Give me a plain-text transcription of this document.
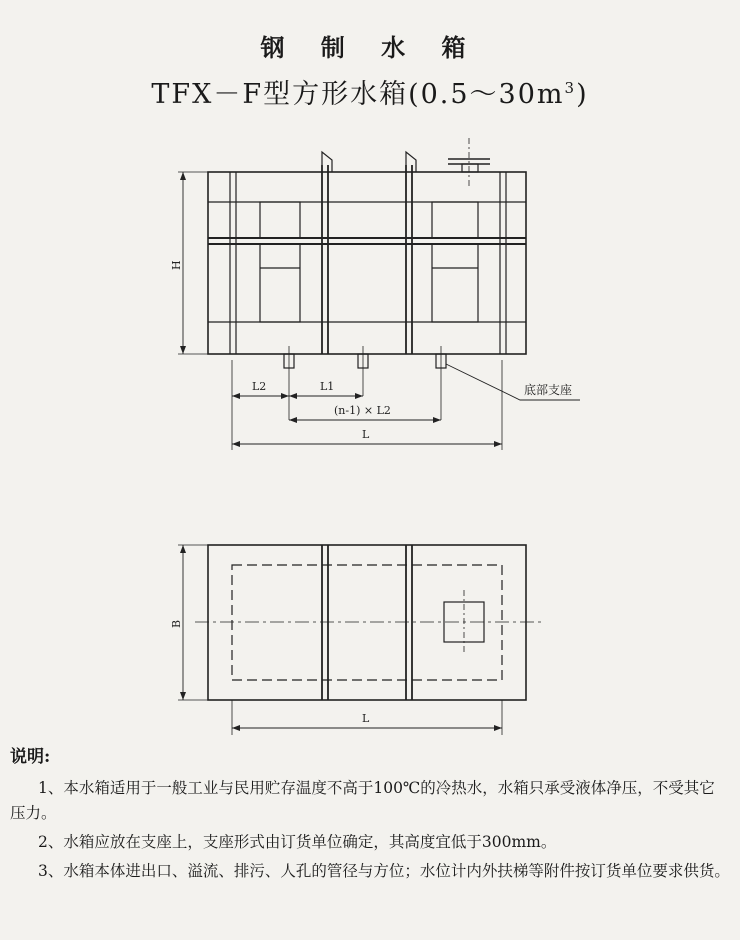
钢 制 水 箱
TFX－F型方形水箱$(0.5\sim 30m^3)$
H
L2	L1
(n-1) × L2
L
底部支座
B
L
说明:

1、本水箱适用于一般工业与民用贮存温度不高于100℃的冷热水，水箱只承受液体净压，不受其它压力。

2、水箱应放在支座上，支座形式由订货单位确定，其高度宜低于300mm。

3、水箱本体进出口、溢流、排污、人孔的管径与方位；水位计内外扶梯等附件按订货单位要求供货。
